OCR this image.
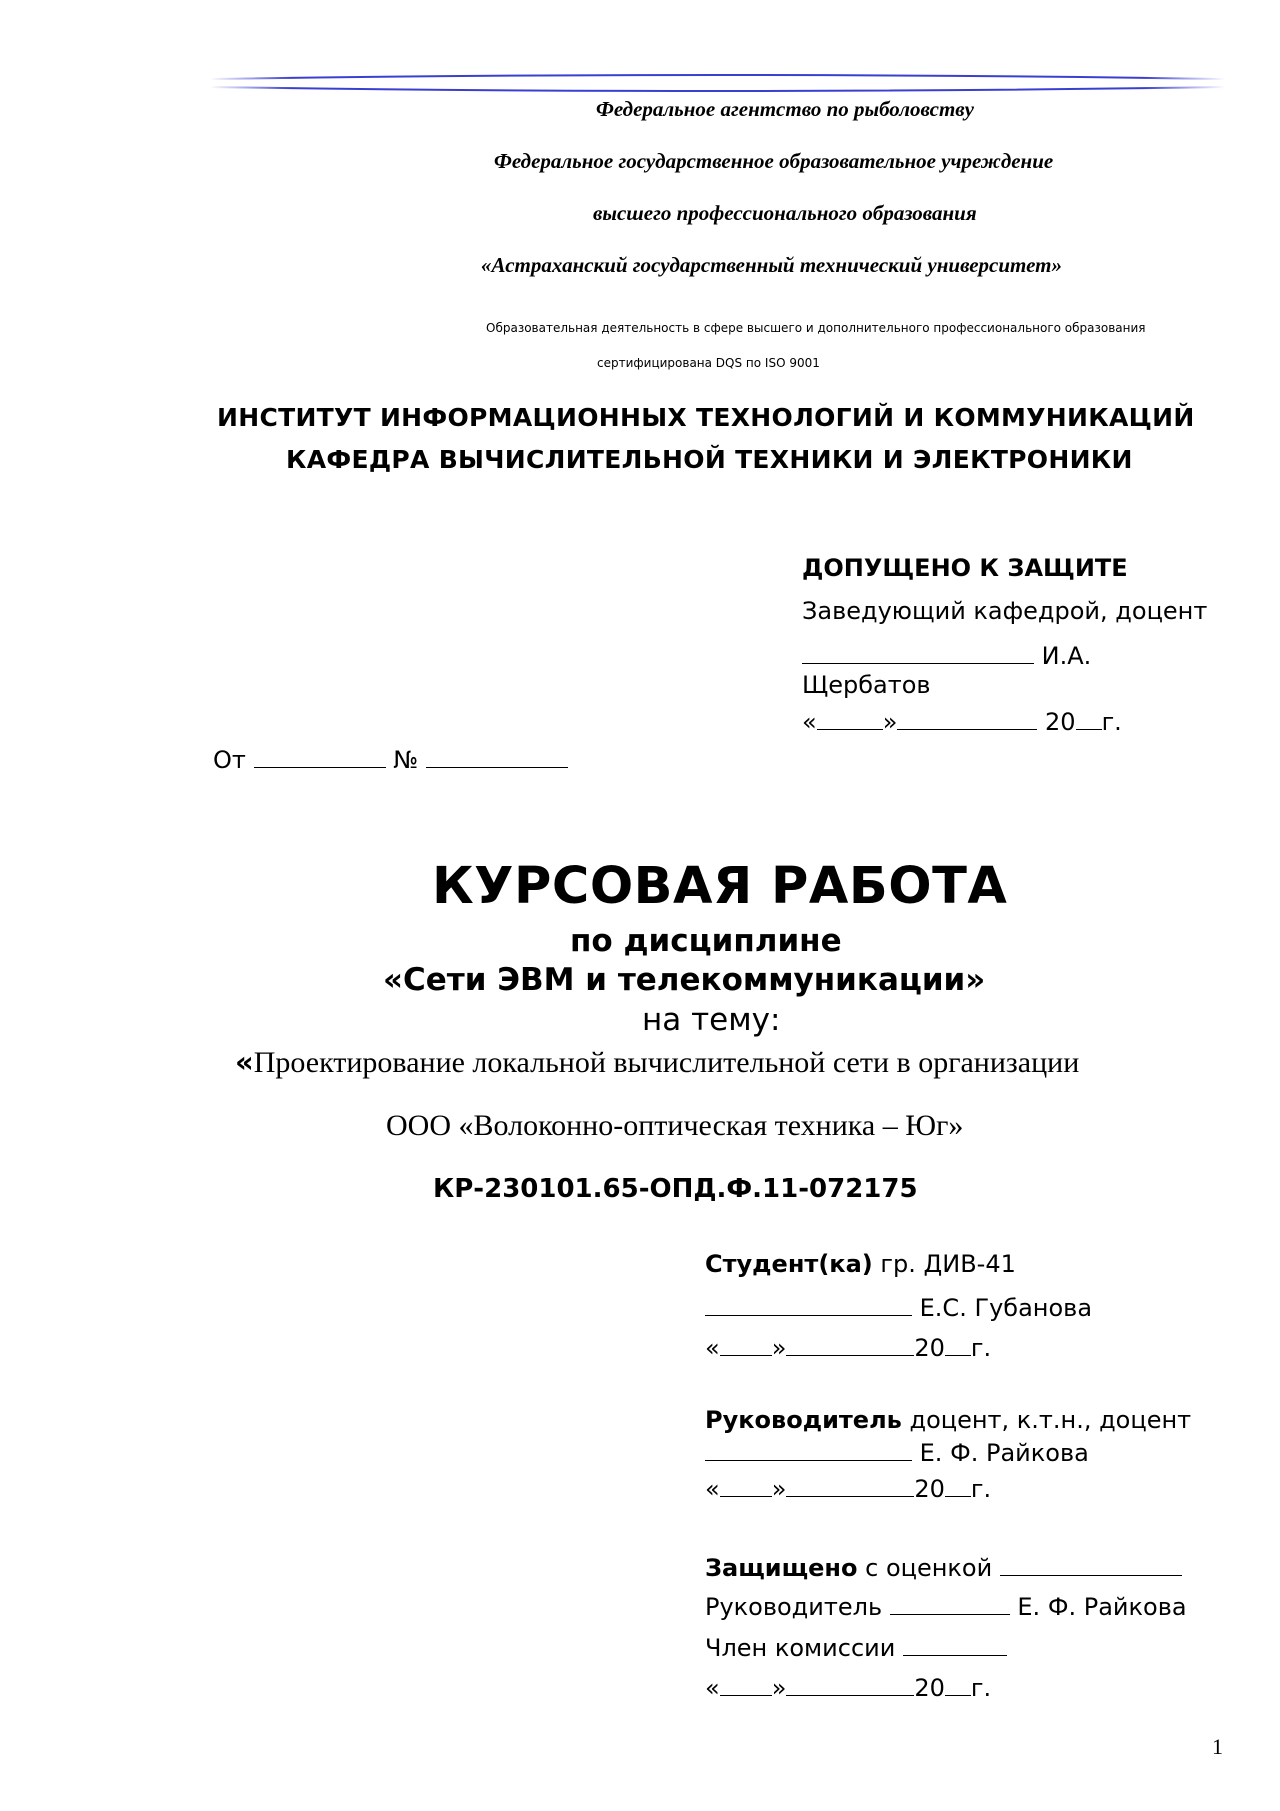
Федеральное агентство по рыболовству
Федеральное государственное образовательное учреждение
высшего профессионального образования
«Астраханский государственный технический университет»
Образовательная деятельность в сфере высшего и дополнительного профессионального образования
сертифицирована DQS по ISO 9001
ИНСТИТУТ ИНФОРМАЦИОННЫХ ТЕХНОЛОГИЙ И КОММУНИКАЦИЙ
КАФЕДРА ВЫЧИСЛИТЕЛЬНОЙ ТЕХНИКИ И ЭЛЕКТРОНИКИ
ДОПУЩЕНО К ЗАЩИТЕ
Заведующий кафедрой, доцент
И.А.
Щербатов
«	»	20 г.
От	№
КУРСОВАЯ РАБОТА
по дисциплине
«Сети ЭВМ и телекоммуникации»
на тему:
«Проектирование локальной вычислительной сети в организации
ООО «Волоконно-оптическая техника – Юг»
КР-230101.65-ОПД.Ф.11-072175
Студент(ка) гр. ДИВ-41
Е.С. Губанова
« »	20 г.
Руководитель доцент, к.т.н., доцент
Е. Ф. Райкова
« »	20 г.
Защищено с оценкой
Руководитель	Е. Ф. Райкова
Член комиссии
« »	20 г.
1
